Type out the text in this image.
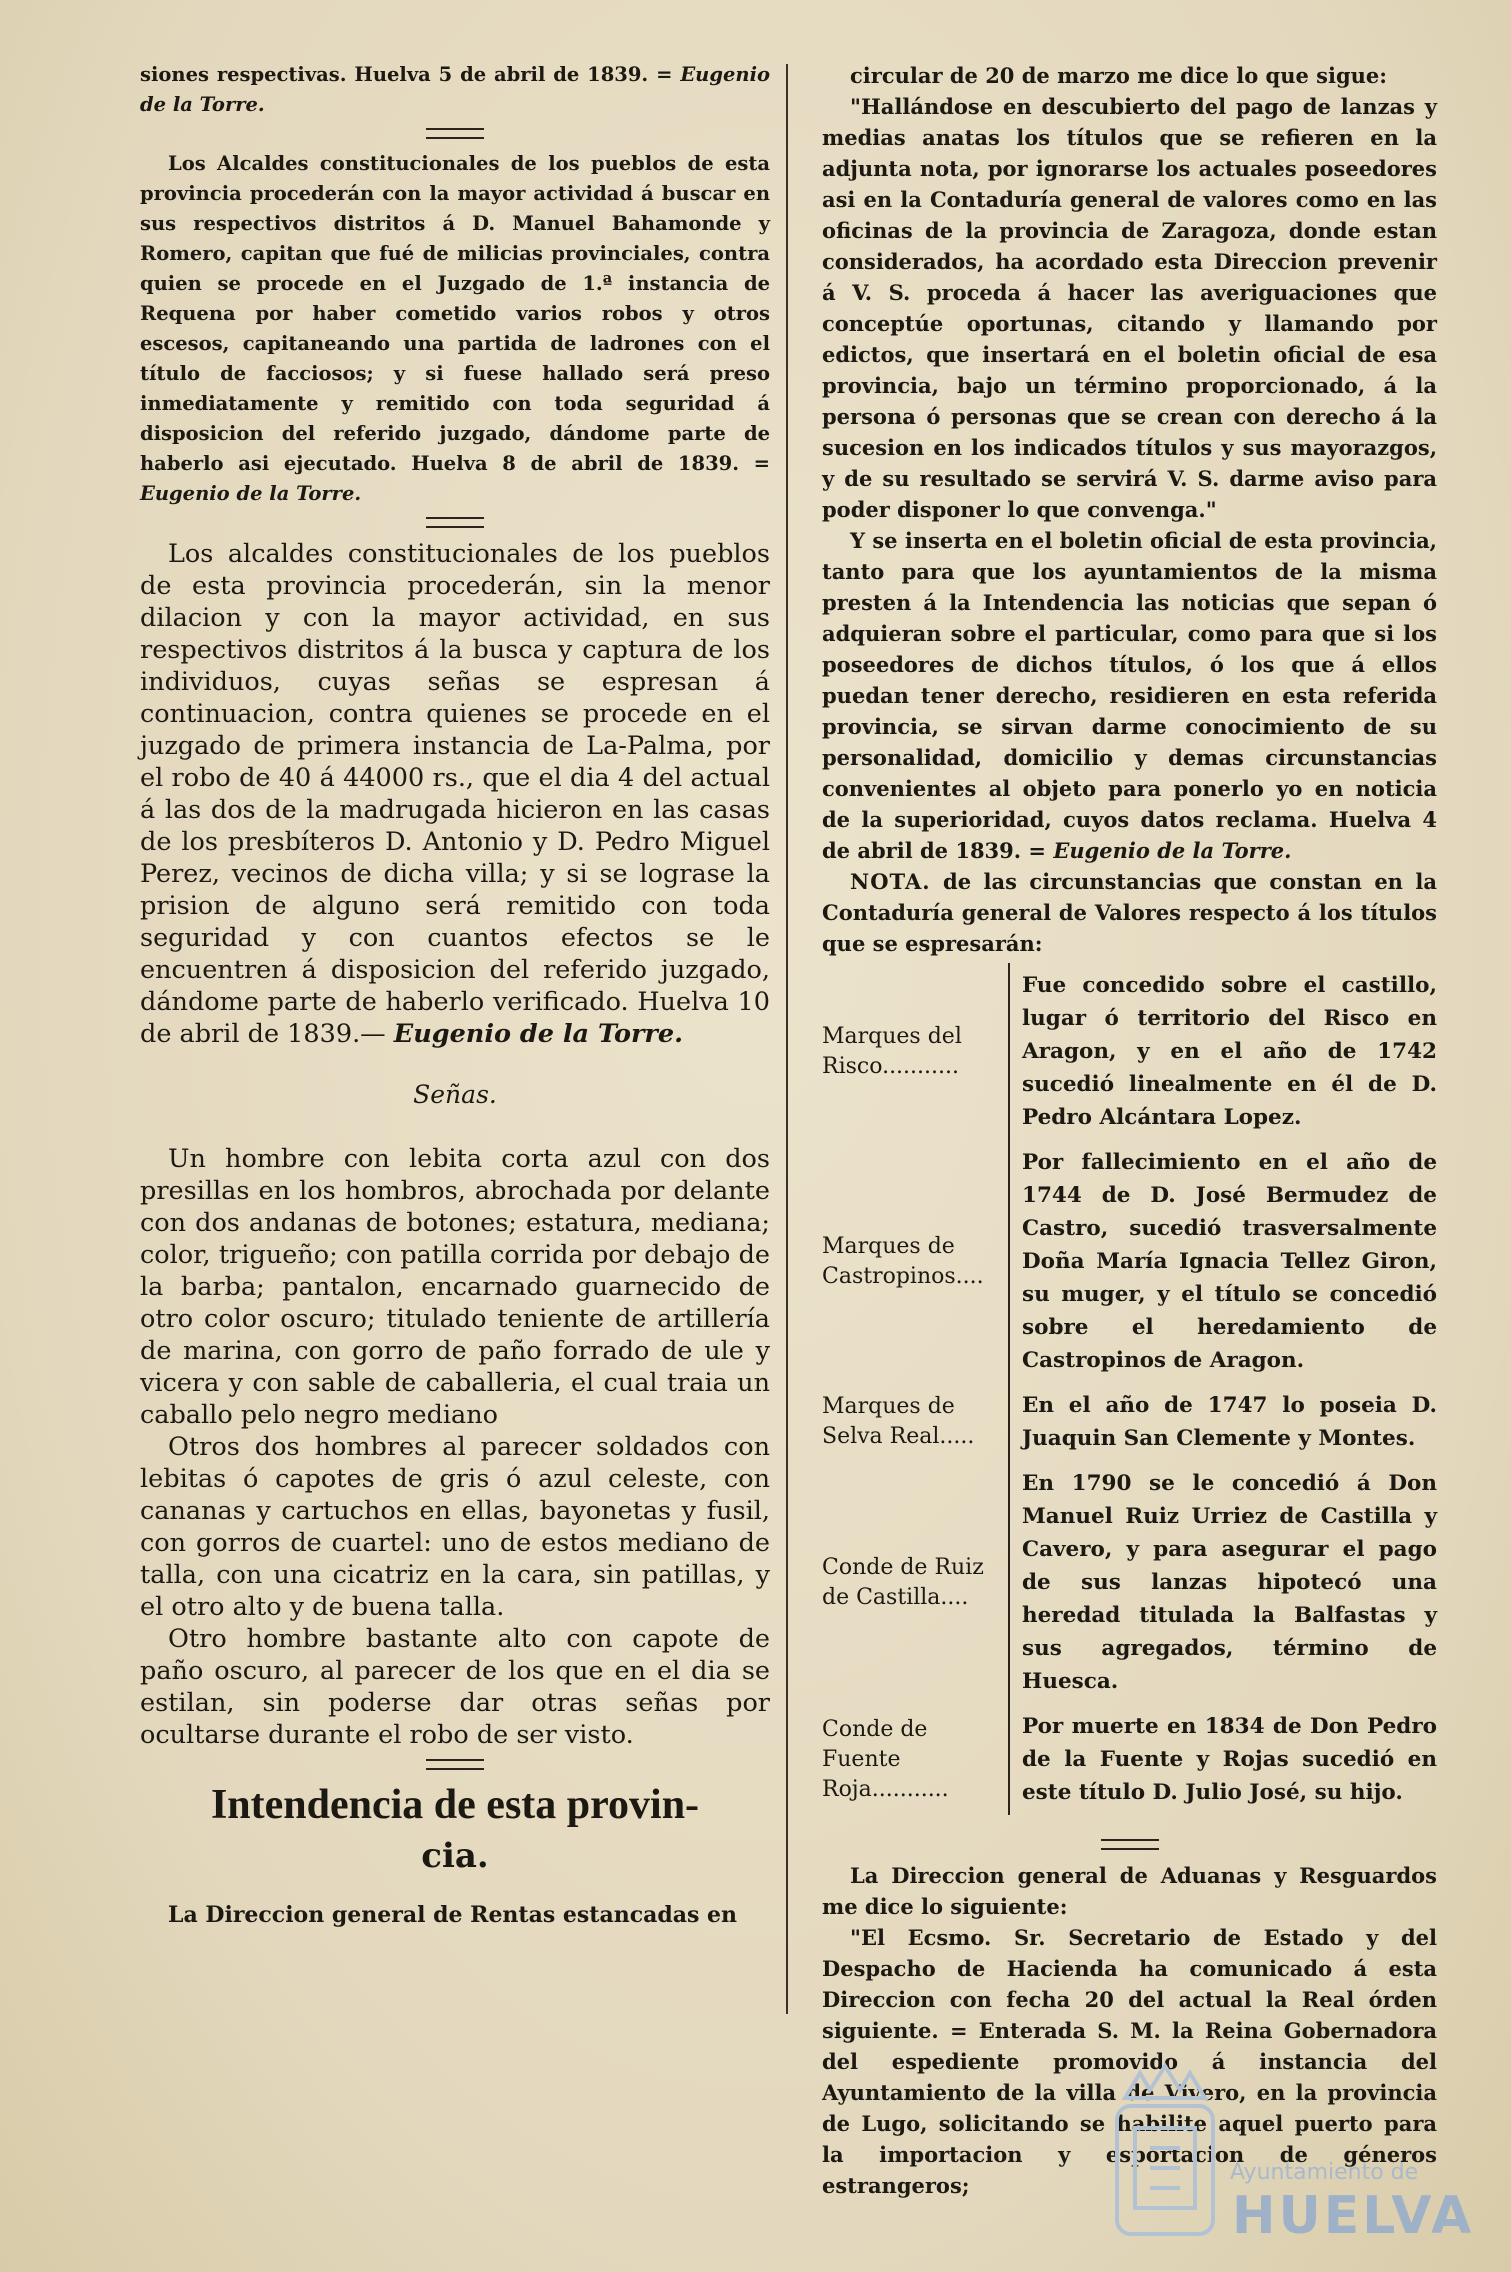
siones respectivas. Huelva 5 de abril de 1839. = Eugenio de la Torre.

Los Alcaldes constitucionales de los pueblos de esta provincia procederán con la mayor actividad á buscar en sus respectivos distritos á D. Manuel Bahamonde y Romero, capitan que fué de milicias provinciales, contra quien se procede en el Juzgado de 1.ª instancia de Requena por haber cometido varios robos y otros escesos, capitaneando una partida de ladrones con el título de facciosos; y si fuese hallado será preso inmediatamente y remitido con toda seguridad á disposicion del referido juzgado, dándome parte de haberlo asi ejecutado. Huelva 8 de abril de 1839. = Eugenio de la Torre.

Los alcaldes constitucionales de los pueblos de esta provincia procederán, sin la menor dilacion y con la mayor actividad, en sus respectivos distritos á la busca y captura de los individuos, cuyas señas se espresan á continuacion, contra quienes se procede en el juzgado de primera instancia de La-Palma, por el robo de 40 á 44000 rs., que el dia 4 del actual á las dos de la madrugada hicieron en las casas de los presbíteros D. Antonio y D. Pedro Miguel Perez, vecinos de dicha villa; y si se lograse la prision de alguno será remitido con toda seguridad y con cuantos efectos se le encuentren á disposicion del referido juzgado, dándome parte de haberlo verificado. Huelva 10 de abril de 1839.— Eugenio de la Torre.

Señas.

Un hombre con lebita corta azul con dos presillas en los hombros, abrochada por delante con dos andanas de botones; estatura, mediana; color, trigueño; con patilla corrida por debajo de la barba; pantalon, encarnado guarnecido de otro color oscuro; titulado teniente de artillería de marina, con gorro de paño forrado de ule y vicera y con sable de caballeria, el cual traia un caballo pelo negro mediano

Otros dos hombres al parecer soldados con lebitas ó capotes de gris ó azul celeste, con cananas y cartuchos en ellas, bayonetas y fusil, con gorros de cuartel: uno de estos mediano de talla, con una cicatriz en la cara, sin patillas, y el otro alto y de buena talla.

Otro hombre bastante alto con capote de paño oscuro, al parecer de los que en el dia se estilan, sin poderse dar otras señas por ocultarse durante el robo de ser visto.

Intendencia de esta provin-
cia.

La Direccion general de Rentas estancadas en

circular de 20 de marzo me dice lo que sigue:

"Hallándose en descubierto del pago de lanzas y medias anatas los títulos que se refieren en la adjunta nota, por ignorarse los actuales poseedores asi en la Contaduría general de valores como en las oficinas de la provincia de Zaragoza, donde estan considerados, ha acordado esta Direccion prevenir á V. S. proceda á hacer las averiguaciones que conceptúe oportunas, citando y llamando por edictos, que insertará en el boletin oficial de esa provincia, bajo un término proporcionado, á la persona ó personas que se crean con derecho á la sucesion en los indicados títulos y sus mayorazgos, y de su resultado se servirá V. S. darme aviso para poder disponer lo que convenga."

Y se inserta en el boletin oficial de esta provincia, tanto para que los ayuntamientos de la misma presten á la Intendencia las noticias que sepan ó adquieran sobre el particular, como para que si los poseedores de dichos títulos, ó los que á ellos puedan tener derecho, residieren en esta referida provincia, se sirvan darme conocimiento de su personalidad, domicilio y demas circunstancias convenientes al objeto para ponerlo yo en noticia de la superioridad, cuyos datos reclama. Huelva 4 de abril de 1839. = Eugenio de la Torre.

NOTA. de las circunstancias que constan en la Contaduría general de Valores respecto á los títulos que se espresarán:

Marques del Risco...........	Fue concedido sobre el castillo, lugar ó territorio del Risco en Aragon, y en el año de 1742 sucedió linealmente en él de D. Pedro Alcántara Lopez.
Marques de Castropinos....	Por fallecimiento en el año de 1744 de D. José Bermudez de Castro, sucedió trasversalmente Doña María Ignacia Tellez Giron, su muger, y el título se concedió sobre el heredamiento de Castropinos de Aragon.
Marques de Selva Real.....	En el año de 1747 lo poseia D. Juaquin San Clemente y Montes.
Conde de Ruiz de Castilla....	En 1790 se le concedió á Don Manuel Ruiz Urriez de Castilla y Cavero, y para asegurar el pago de sus lanzas hipotecó una heredad titulada la Balfastas y sus agregados, término de Huesca.
Conde de Fuente Roja...........	Por muerte en 1834 de Don Pedro de la Fuente y Rojas sucedió en este título D. Julio José, su hijo.

La Direccion general de Aduanas y Resguardos me dice lo siguiente:

"El Ecsmo. Sr. Secretario de Estado y del Despacho de Hacienda ha comunicado á esta Direccion con fecha 20 del actual la Real órden siguiente. = Enterada S. M. la Reina Gobernadora del espediente promovido á instancia del Ayuntamiento de la villa de Vivero, en la provincia de Lugo, solicitando se habilite aquel puerto para la importacion y esportacion de géneros estrangeros;

Ayuntamiento de
HUELVA
